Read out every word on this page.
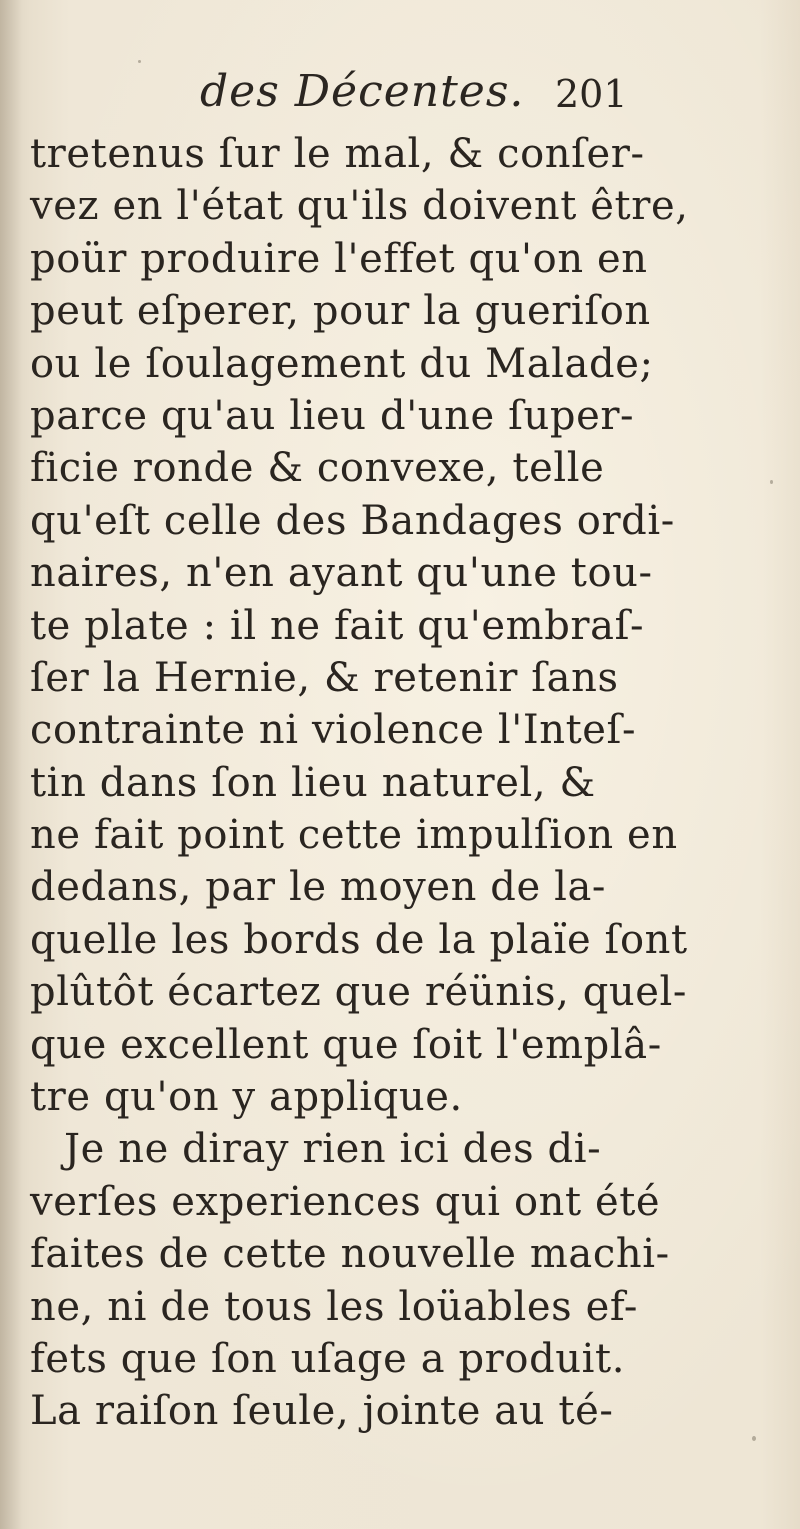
des Décentes. 201
tretenus ſur le mal, & conſer-
vez en l'état qu'ils doivent être,
poür produire l'effet qu'on en
peut eſperer, pour la gueriſon
ou le ſoulagement du Malade;
parce qu'au lieu d'une ſuper-
ficie ronde & convexe, telle
qu'eſt celle des Bandages ordi-
naires, n'en ayant qu'une tou-
te plate : il ne fait qu'embraſ-
ſer la Hernie, & retenir ſans
contrainte ni violence l'Inteſ-
tin dans ſon lieu naturel, &
ne fait point cette impulſion en
dedans, par le moyen de la-
quelle les bords de la plaïe ſont
plûtôt écartez que réünis, quel-
que excellent que ſoit l'emplâ-
tre qu'on y applique.
Je ne diray rien ici des di-
verſes experiences qui ont été
faites de cette nouvelle machi-
ne, ni de tous les loüables ef-
fets que ſon uſage a produit.
La raiſon ſeule, jointe au té-
